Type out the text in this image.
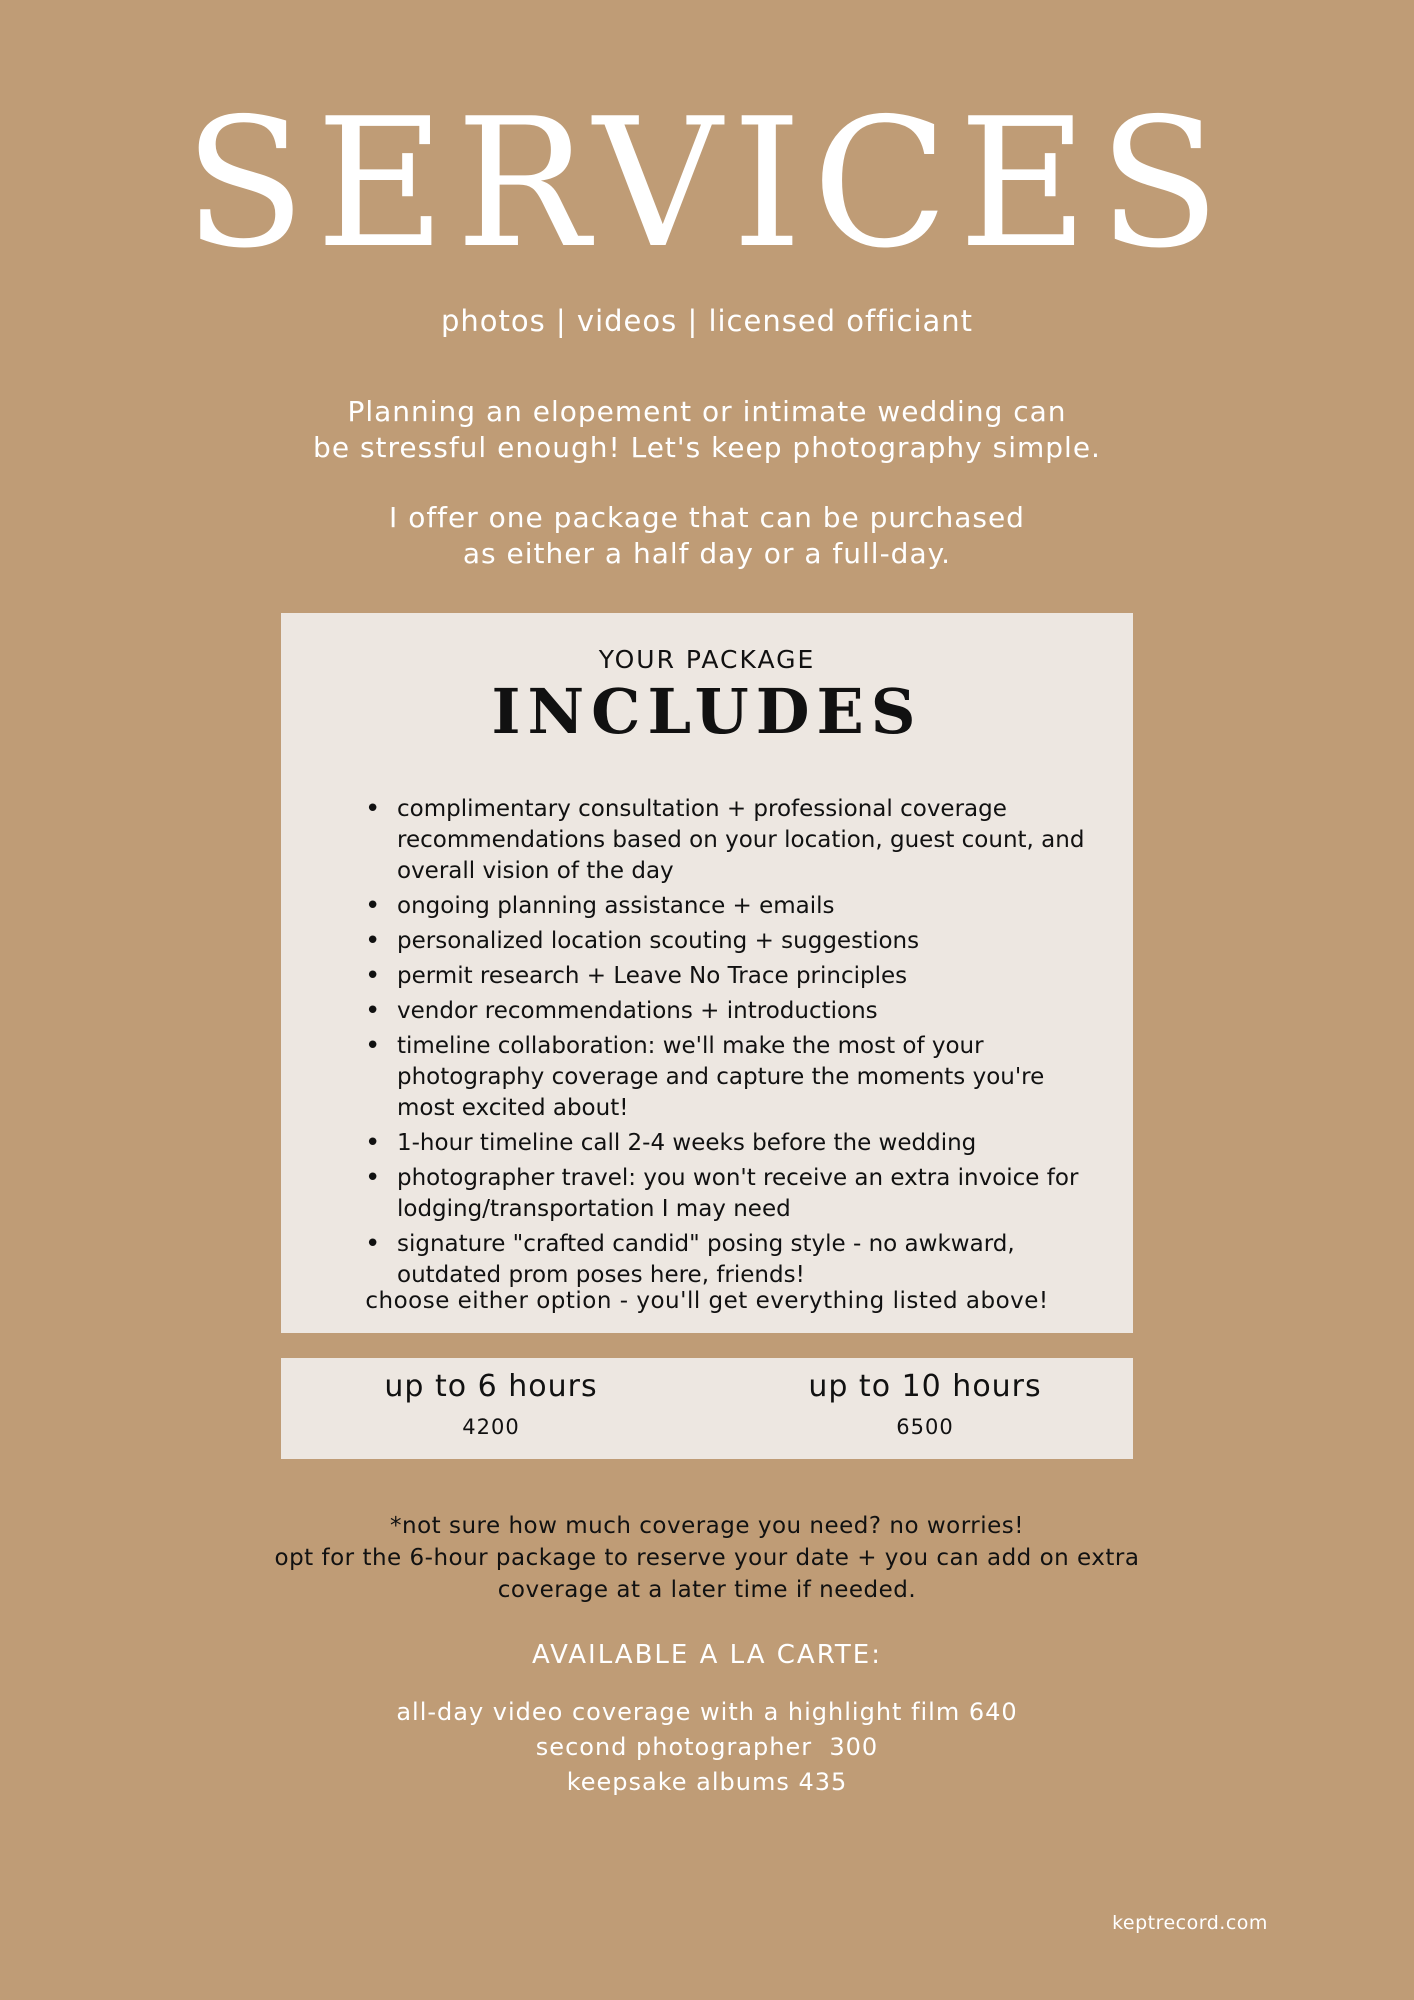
SERVICES
photos | videos | licensed officiant
Planning an elopement or intimate wedding can
be stressful enough! Let's keep photography simple.
I offer one package that can be purchased
as either a half day or a full-day.
YOUR PACKAGE
INCLUDES
• complimentary consultation + professional coverage recommendations based on your location, guest count, and overall vision of the day
• ongoing planning assistance + emails
• personalized location scouting + suggestions
• permit research + Leave No Trace principles
• vendor recommendations + introductions
• timeline collaboration: we'll make the most of your photography coverage and capture the moments you're most excited about!
• 1-hour timeline call 2-4 weeks before the wedding
• photographer travel: you won't receive an extra invoice for lodging/transportation I may need
• signature "crafted candid" posing style - no awkward, outdated prom poses here, friends!
choose either option - you'll get everything listed above!
up to 6 hours
4200
up to 10 hours
6500
*not sure how much coverage you need? no worries!
opt for the 6-hour package to reserve your date + you can add on extra
coverage at a later time if needed.
AVAILABLE A LA CARTE:
all-day video coverage with a highlight film 640
second photographer  300
keepsake albums 435
keptrecord.com
